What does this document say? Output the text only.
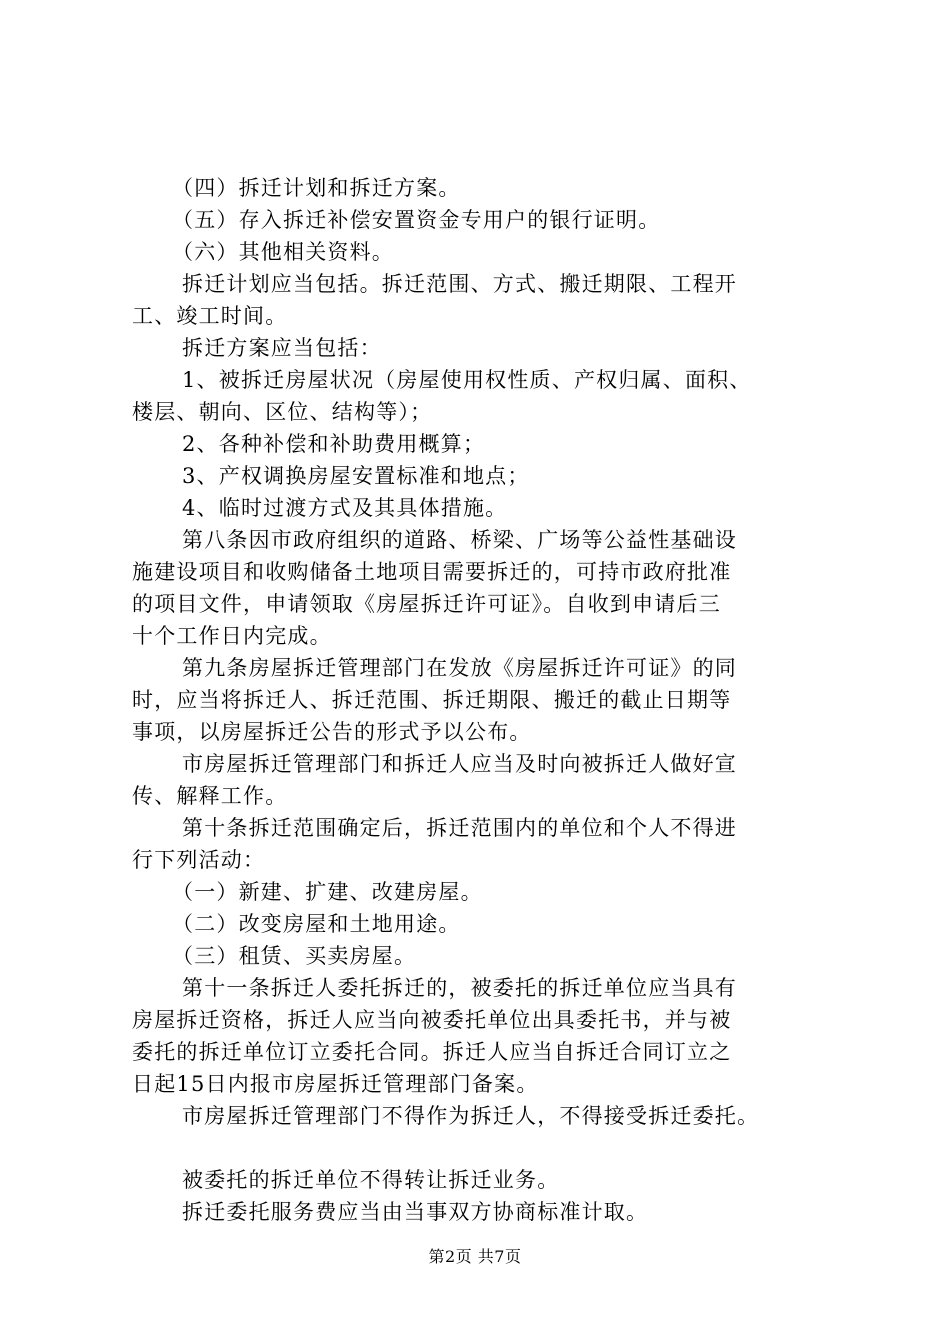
（四）拆迁计划和拆迁方案。
（五）存入拆迁补偿安置资金专用户的银行证明。
（六）其他相关资料。
拆迁计划应当包括。拆迁范围、方式、搬迁期限、工程开
工、竣工时间。
拆迁方案应当包括：
1、被拆迁房屋状况（房屋使用权性质、产权归属、面积、
楼层、朝向、区位、结构等）；
2、各种补偿和补助费用概算；
3、产权调换房屋安置标准和地点；
4、临时过渡方式及其具体措施。
第八条因市政府组织的道路、桥梁、广场等公益性基础设
施建设项目和收购储备土地项目需要拆迁的，可持市政府批准
的项目文件，申请领取《房屋拆迁许可证》。自收到申请后三
十个工作日内完成。
第九条房屋拆迁管理部门在发放《房屋拆迁许可证》的同
时，应当将拆迁人、拆迁范围、拆迁期限、搬迁的截止日期等
事项，以房屋拆迁公告的形式予以公布。
市房屋拆迁管理部门和拆迁人应当及时向被拆迁人做好宣
传、解释工作。
第十条拆迁范围确定后，拆迁范围内的单位和个人不得进
行下列活动：
（一）新建、扩建、改建房屋。
（二）改变房屋和土地用途。
（三）租赁、买卖房屋。
第十一条拆迁人委托拆迁的，被委托的拆迁单位应当具有
房屋拆迁资格，拆迁人应当向被委托单位出具委托书，并与被
委托的拆迁单位订立委托合同。拆迁人应当自拆迁合同订立之
日起15日内报市房屋拆迁管理部门备案。
市房屋拆迁管理部门不得作为拆迁人，不得接受拆迁委托。
被委托的拆迁单位不得转让拆迁业务。
拆迁委托服务费应当由当事双方协商标准计取。
第2页 共7页
